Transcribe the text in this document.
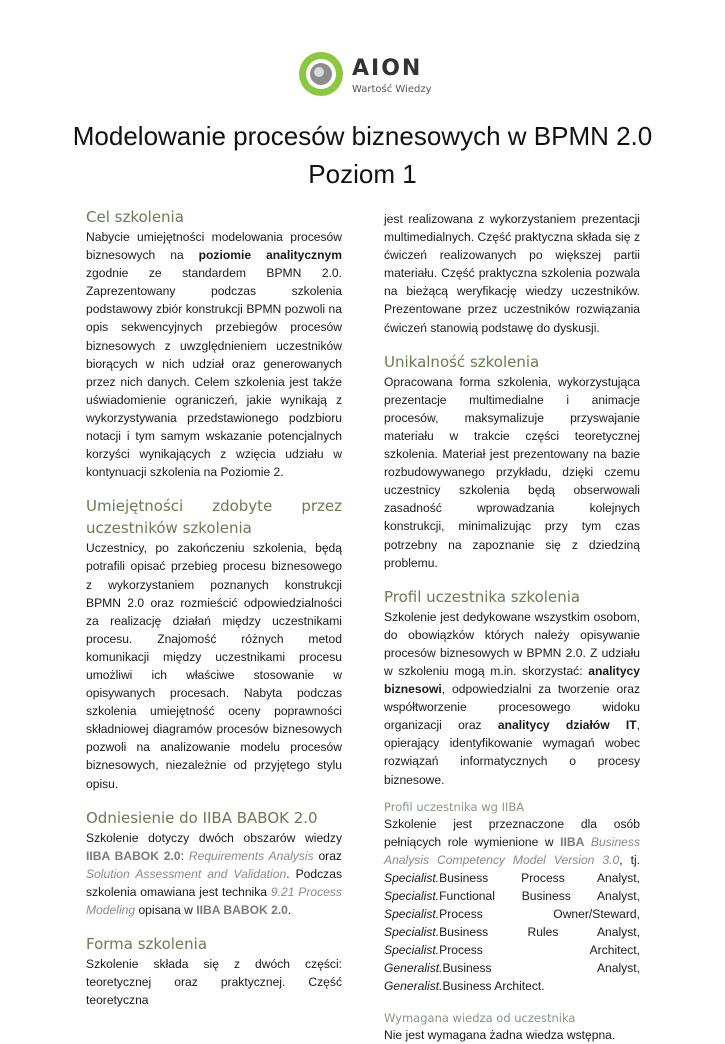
AION
Wartość Wiedzy
Modelowanie procesów biznesowych w BPMN 2.0
Poziom 1
Cel szkolenia

Nabycie umiejętności modelowania procesów biznesowych na poziomie analitycznym zgodnie ze standardem BPMN 2.0. Zaprezentowany podczas szkolenia podstawowy zbiór konstrukcji BPMN pozwoli na opis sekwencyjnych przebiegów procesów biznesowych z uwzględnieniem uczestników biorących w nich udział oraz generowanych przez nich danych. Celem szkolenia jest także uświadomienie ograniczeń, jakie wynikają z wykorzystywania przedstawionego podzbioru notacji i tym samym wskazanie potencjalnych korzyści wynikających z wzięcia udziału w kontynuacji szkolenia na Poziomie 2.

Umiejętności zdobyte przez uczestników szkolenia

Uczestnicy, po zakończeniu szkolenia, będą potrafili opisać przebieg procesu biznesowego z wykorzystaniem poznanych konstrukcji BPMN 2.0 oraz rozmieścić odpowiedzialności za realizację działań między uczestnikami procesu. Znajomość różnych metod komunikacji między uczestnikami procesu umożliwi ich właściwe stosowanie w opisywanych procesach. Nabyta podczas szkolenia umiejętność oceny poprawności składniowej diagramów procesów biznesowych pozwoli na analizowanie modelu procesów biznesowych, niezależnie od przyjętego stylu opisu.

Odniesienie do IIBA BABOK 2.0

Szkolenie dotyczy dwóch obszarów wiedzy IIBA BABOK 2.0: Requirements Analysis oraz Solution Assessment and Validation. Podczas szkolenia omawiana jest technika 9.21 Process Modeling opisana w IIBA BABOK 2.0.

Forma szkolenia

Szkolenie składa się z dwóch części: teoretycznej oraz praktycznej. Część teoretyczna

jest realizowana z wykorzystaniem prezentacji multimedialnych. Część praktyczna składa się z ćwiczeń realizowanych po większej partii materiału. Część praktyczna szkolenia pozwala na bieżącą weryfikację wiedzy uczestników. Prezentowane przez uczestników rozwiązania ćwiczeń stanowią podstawę do dyskusji.

Unikalność szkolenia

Opracowana forma szkolenia, wykorzystująca prezentacje multimedialne i animacje procesów, maksymalizuje przyswajanie materiału w trakcie części teoretycznej szkolenia. Materiał jest prezentowany na bazie rozbudowywanego przykładu, dzięki czemu uczestnicy szkolenia będą obserwowali zasadność wprowadzania kolejnych konstrukcji, minimalizując przy tym czas potrzebny na zapoznanie się z dziedziną problemu.

Profil uczestnika szkolenia

Szkolenie jest dedykowane wszystkim osobom, do obowiązków których należy opisywanie procesów biznesowych w BPMN 2.0. Z udziału w szkoleniu mogą m.in. skorzystać: analitycy biznesowi, odpowiedzialni za tworzenie oraz współtworzenie procesowego widoku organizacji oraz analitycy działów IT, opierający identyfikowanie wymagań wobec rozwiązań informatycznych o procesy biznesowe.

Profil uczestnika wg IIBA

Szkolenie jest przeznaczone dla osób pełniących role wymienione w IIBA Business Analysis Competency Model Version 3.0, tj. Specialist.Business Process Analyst, Specialist.Functional Business Analyst, Specialist.Process Owner/Steward, Specialist.Business Rules Analyst, Specialist.Process Architect, Generalist.Business Analyst, Generalist.Business Architect.

Wymagana wiedza od uczestnika

Nie jest wymagana żadna wiedza wstępna.
